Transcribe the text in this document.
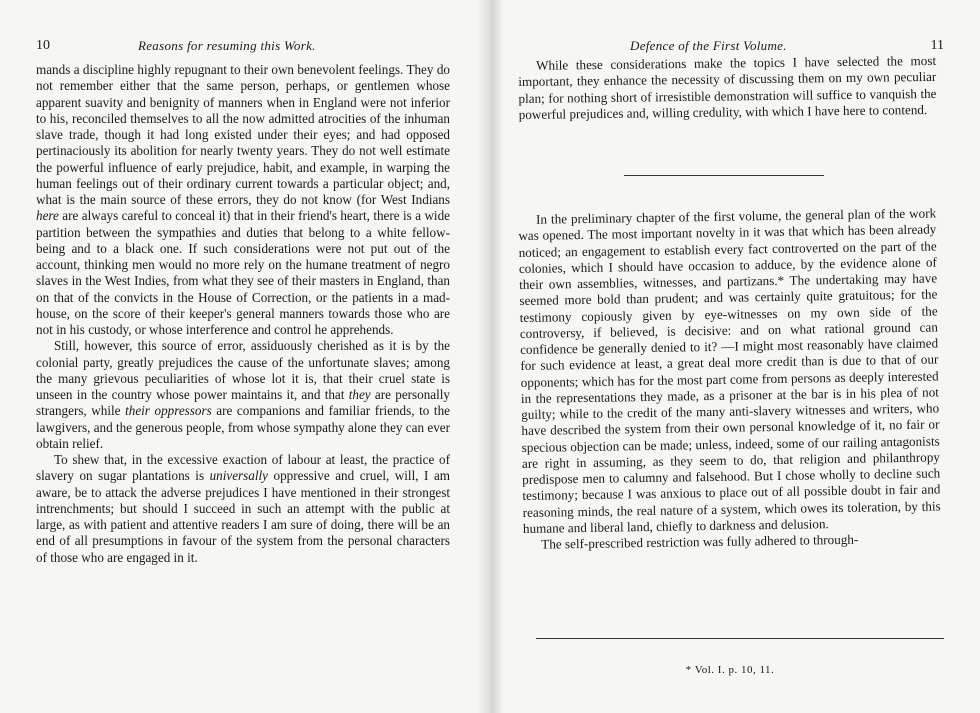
10	Reasons for resuming this Work.

mands a discipline highly repugnant to their own benevolent feelings. They do not remember either that the same person, perhaps, or gentlemen whose apparent suavity and benignity of manners when in England were not inferior to his, reconciled themselves to all the now admitted atrocities of the inhuman slave trade, though it had long existed under their eyes; and had opposed pertinaciously its abolition for nearly twenty years. They do not well estimate the powerful influence of early prejudice, habit, and example, in warping the human feelings out of their ordinary current towards a particular object; and, what is the main source of these errors, they do not know (for West Indians here are always careful to conceal it) that in their friend's heart, there is a wide partition between the sympathies and duties that belong to a white fellow-being and to a black one. If such considerations were not put out of the account, thinking men would no more rely on the humane treatment of negro slaves in the West Indies, from what they see of their masters in England, than on that of the convicts in the House of Correction, or the patients in a mad-house, on the score of their keeper's general manners towards those who are not in his custody, or whose interference and control he apprehends.

Still, however, this source of error, assiduously cherished as it is by the colonial party, greatly prejudices the cause of the unfortunate slaves; among the many grievous peculiarities of whose lot it is, that their cruel state is unseen in the country whose power maintains it, and that they are personally strangers, while their oppressors are companions and familiar friends, to the lawgivers, and the generous people, from whose sympathy alone they can ever obtain relief.

To shew that, in the excessive exaction of labour at least, the practice of slavery on sugar plantations is universally oppressive and cruel, will, I am aware, be to attack the adverse prejudices I have mentioned in their strongest intrenchments; but should I succeed in such an attempt with the public at large, as with patient and attentive readers I am sure of doing, there will be an end of all presumptions in favour of the system from the personal characters of those who are engaged in it.

Defence of the First Volume.	11

While these considerations make the topics I have selected the most important, they enhance the necessity of discussing them on my own peculiar plan; for nothing short of irresistible demonstration will suffice to vanquish the powerful prejudices and, willing credulity, with which I have here to contend.

In the preliminary chapter of the first volume, the general plan of the work was opened. The most important novelty in it was that which has been already noticed; an engagement to establish every fact controverted on the part of the colonies, which I should have occasion to adduce, by the evidence alone of their own assemblies, witnesses, and partizans.* The undertaking may have seemed more bold than prudent; and was certainly quite gratuitous; for the testimony copiously given by eye-witnesses on my own side of the controversy, if believed, is decisive: and on what rational ground can confidence be generally denied to it? —I might most reasonably have claimed for such evidence at least, a great deal more credit than is due to that of our opponents; which has for the most part come from persons as deeply interested in the representations they made, as a prisoner at the bar is in his plea of not guilty; while to the credit of the many anti-slavery witnesses and writers, who have described the system from their own personal knowledge of it, no fair or specious objection can be made; unless, indeed, some of our railing antagonists are right in assuming, as they seem to do, that religion and philanthropy predispose men to calumny and falsehood. But I chose wholly to decline such testimony; because I was anxious to place out of all possible doubt in fair and reasoning minds, the real nature of a system, which owes its toleration, by this humane and liberal land, chiefly to darkness and delusion.

The self-prescribed restriction was fully adhered to through-

* Vol. I. p. 10, 11.
